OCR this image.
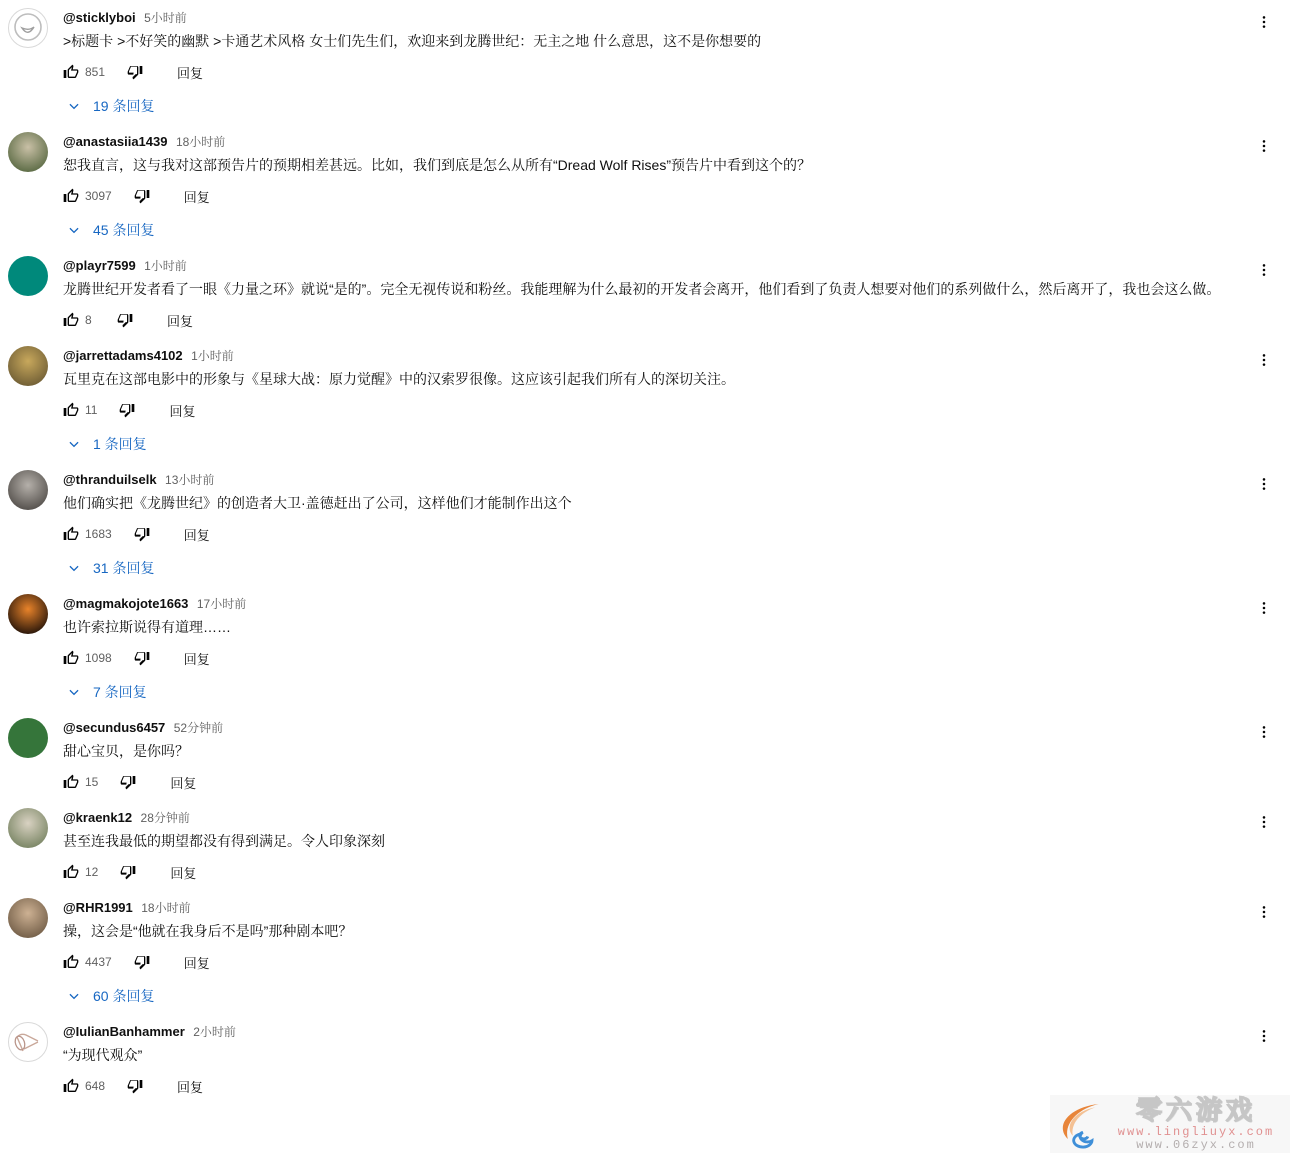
@sticklyboi 5小时前
>标题卡 >不好笑的幽默 >卡通艺术风格 女士们先生们，欢迎来到龙腾世纪：无主之地 什么意思，这不是你想要的
851	回复
19 条回复
@anastasiia1439 18小时前
恕我直言，这与我对这部预告片的预期相差甚远。比如，我们到底是怎么从所有“Dread Wolf Rises”预告片中看到这个的？
3097	回复
45 条回复
@playr7599 1小时前
龙腾世纪开发者看了一眼《力量之环》就说“是的”。完全无视传说和粉丝。我能理解为什么最初的开发者会离开，他们看到了负责人想要对他们的系列做什么，然后离开了，我也会这么做。
8	回复
@jarrettadams4102 1小时前
瓦里克在这部电影中的形象与《星球大战：原力觉醒》中的汉索罗很像。这应该引起我们所有人的深切关注。
11	回复
1 条回复
@thranduilselk 13小时前
他们确实把《龙腾世纪》的创造者大卫·盖德赶出了公司，这样他们才能制作出这个
1683	回复
31 条回复
@magmakojote1663 17小时前
也许索拉斯说得有道理……
1098	回复
7 条回复
@secundus6457 52分钟前
甜心宝贝，是你吗？
15	回复
@kraenk12 28分钟前
甚至连我最低的期望都没有得到满足。令人印象深刻
12	回复
@RHR1991 18小时前
操，这会是“他就在我身后不是吗”那种剧本吧？
4437	回复
60 条回复
@IulianBanhammer 2小时前
“为现代观众”
648	回复
零六游戏
www.lingliuyx.com
www.06zyx.com
